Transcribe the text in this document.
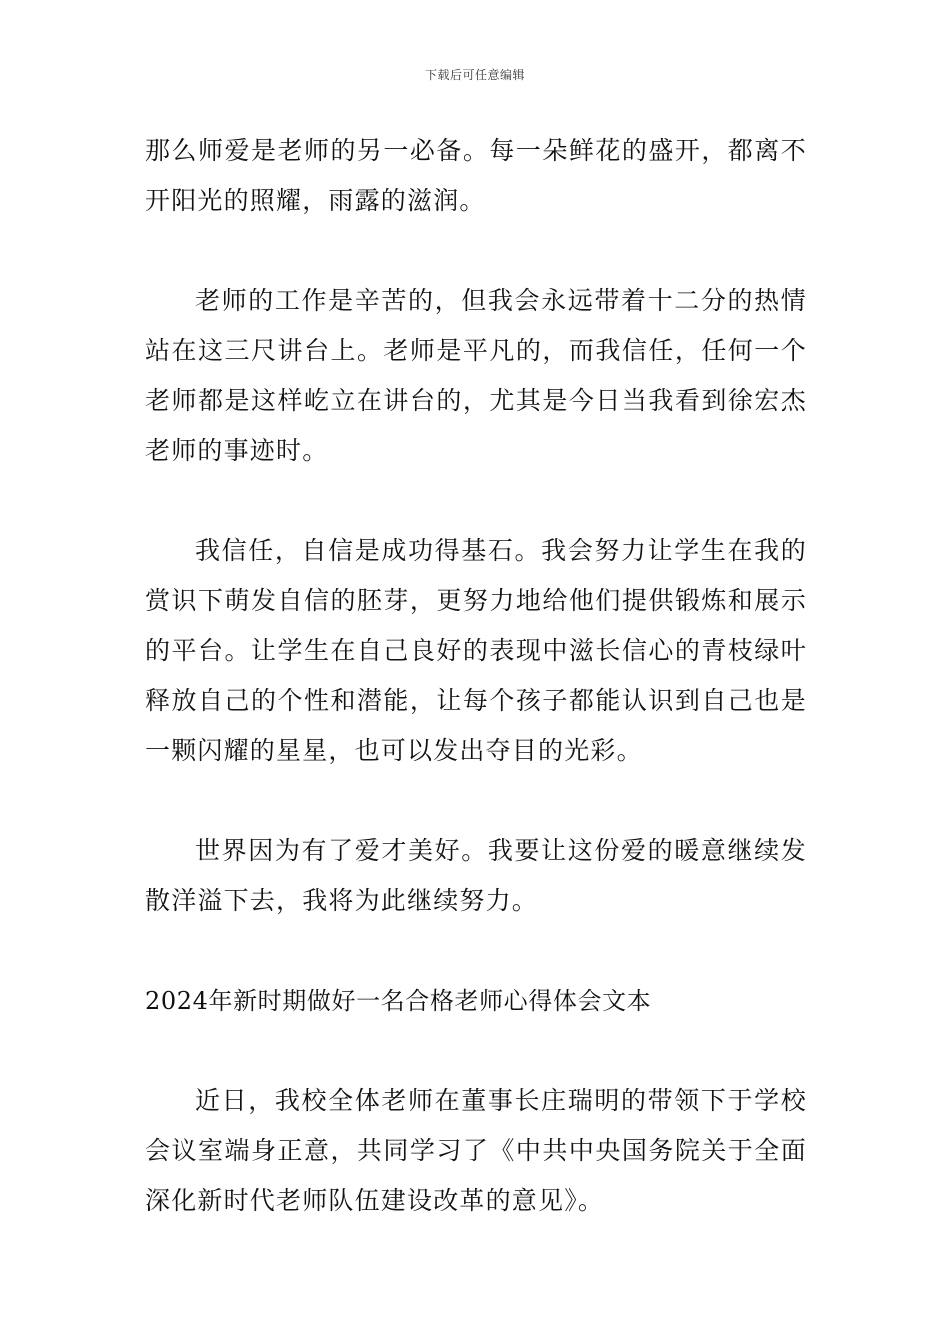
下载后可任意编辑

那么师爱是老师的另一必备。每一朵鲜花的盛开，都离不开阳光的照耀，雨露的滋润。

老师的工作是辛苦的，但我会永远带着十二分的热情站在这三尺讲台上。老师是平凡的，而我信任，任何一个老师都是这样屹立在讲台的，尤其是今日当我看到徐宏杰老师的事迹时。

我信任，自信是成功得基石。我会努力让学生在我的赏识下萌发自信的胚芽，更努力地给他们提供锻炼和展示的平台。让学生在自己良好的表现中滋长信心的青枝绿叶释放自己的个性和潜能，让每个孩子都能认识到自己也是一颗闪耀的星星，也可以发出夺目的光彩。

世界因为有了爱才美好。我要让这份爱的暖意继续发散洋溢下去，我将为此继续努力。

2024年新时期做好一名合格老师心得体会文本

近日，我校全体老师在董事长庄瑞明的带领下于学校会议室端身正意，共同学习了《中共中央国务院关于全面深化新时代老师队伍建设改革的意见》。
